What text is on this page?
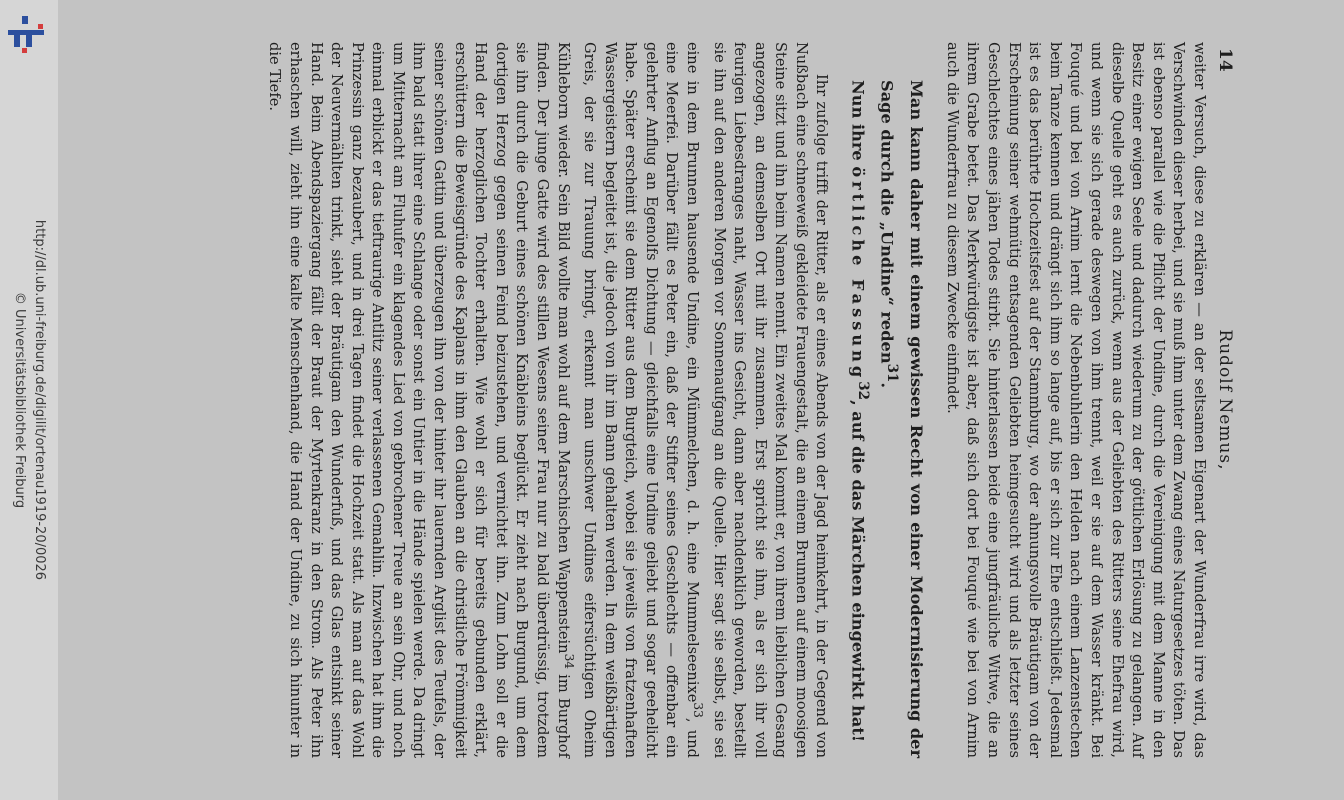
http://dl.ub.uni-freiburg.de/digilit/ortenau1919-20/0026
© Universitätsbibliothek Freiburg
14
Rudolf Nemus,

weiter Versuch, diese zu erklären — an der seltsamen Eigenart der Wunderfrau irre wird, das Verschwinden dieser herbei, und sie muß ihm unter dem Zwang eines Naturgesetzes töten. Das ist ebenso parallel wie die Pflicht der Undine, durch die Vereinigung mit dem Manne in den Besitz einer ewigen Seele und dadurch wiederum zu der göttlichen Erlösung zu gelangen. Auf dieselbe Quelle geht es auch zurück, wenn aus der Geliebten des Ritters seine Ehefrau wird, und wenn sie sich gerade deswegen von ihm trennt, weil er sie auf dem Wasser kränkt. Bei Fouqué und bei von Arnim lernt die Nebenbuhlerin den Helden nach einem Lanzenstechen beim Tanze kennen und drängt sich ihm so lange auf, bis er sich zur Ehe entschließt. Jedesmal ist es das berührte Hochzeitsfest auf der Stammburg, wo der ahnungsvolle Bräutigam von der Erscheinung seiner wehmütig entsagenden Geliebten heimgesucht wird und als letzter seines Geschlechtes eines jähen Todes stirbt. Sie hinterlassen beide eine jungfräuliche Witwe, die an ihrem Grabe betet. Das Merkwürdigste ist aber, daß sich dort bei Fouqué wie bei von Arnim auch die Wunderfrau zu diesem Zwecke einfindet.

Man kann daher mit einem gewissen Recht von einer Modernisierung der Sage durch die „Undine“ reden$^{31}$.
Nun ihre örtliche Fassung$^{32}$, auf die das Märchen eingewirkt hat!

Ihr zufolge trifft der Ritter, als er eines Abends von der Jagd heimkehrt, in der Gegend von Nußbach eine schneeweiß gekleidete Frauengestalt, die an einem Brunnen auf einem moosigen Steine sitzt und ihn beim Namen nennt. Ein zweites Mal kommt er, von ihrem lieblichen Gesang angezogen, an demselben Ort mit ihr zusammen. Erst spricht sie ihm, als er sich ihr voll feurigen Liebesdranges naht, Wasser ins Gesicht, dann aber nachdenklich geworden, bestellt sie ihn auf den anderen Morgen vor Sonnenaufgang an die Quelle. Hier sagt sie selbst, sie sei eine in dem Brunnen hausende Undine, ein Mümmelchen, d. h. eine Mummelseenixe$^{33}$, und eine Meerfei. Darüber fällt es Peter ein, daß der Stifter seines Geschlechts — offenbar ein gelehrter Anflug an Egenolfs Dichtung — gleichfalls eine Undine geliebt und sogar geehelicht habe. Später erscheint sie dem Ritter aus dem Burgteich, wobei sie jeweils von fratzenhaften Wassergeistern begleitet ist, die jedoch von ihr im Bann gehalten werden. In dem weißbärtigen Greis, der sie zur Trauung bringt, erkennt man unschwer Undines eifersüchtigen Oheim Kühleborn wieder. Sein Bild wollte man wohl auf dem Marschischen Wappenstein$^{34}$ im Burghof finden. Der junge Gatte wird des stillen Wesens seiner Frau nur zu bald überdrüssig, trotzdem sie ihn durch die Geburt eines schönen Knäbleins beglückt. Er zieht nach Burgund, um dem dortigen Herzog gegen seinen Feind beizustehen, und vernichtet ihn. Zum Lohn soll er die Hand der herzoglichen Tochter erhalten. Wie wohl er sich für bereits gebunden erklärt, erschüttern die Beweisgründe des Kaplans in ihm den Glauben an die christliche Frömmigkeit seiner schönen Gattin und überzeugen ihn von der hinter ihr lauernden Arglist des Teufels, der ihm bald statt ihrer eine Schlange oder sonst ein Untier in die Hände spielen werde. Da dringt um Mitternacht am Fluhufer ein klagendes Lied von gebrochener Treue an sein Ohr, und noch einmal erblickt er das tieftraurige Antlitz seiner verlassenen Gemahlin. Inzwischen hat ihm die Prinzessin ganz bezaubert, und in drei Tagen findet die Hochzeit statt. Als man auf das Wohl der Neuvermählten trinkt, sieht der Bräutigam den Wunderfuß, und das Glas entsinkt seiner Hand. Beim Abendspaziergang fällt der Braut der Myrtenkranz in den Strom. Als Peter ihn erhaschen will, zieht ihn eine kalte Menschenhand, die Hand der Undine, zu sich hinunter in die Tiefe.
